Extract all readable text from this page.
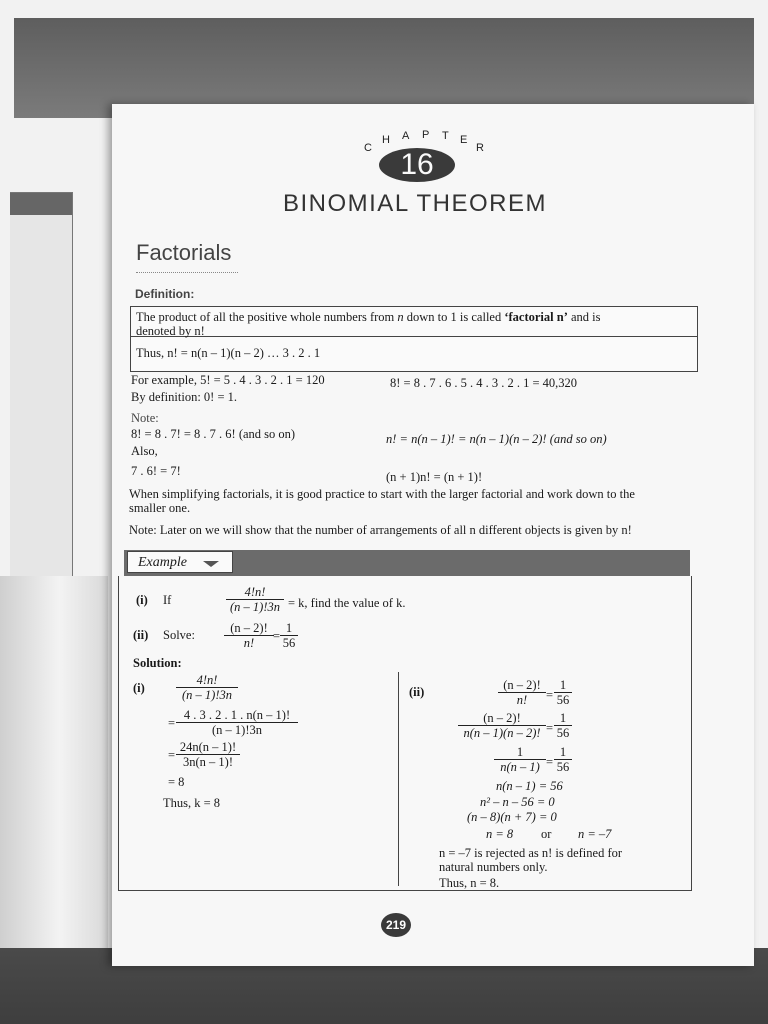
C
H A P T E
R
16
BINOMIAL THEOREM
Factorials
Definition:
The product of all the positive whole numbers from n down to 1 is called ‘factorial n’ and is
denoted by n!
Thus, n! = n(n – 1)(n – 2) … 3 . 2 . 1
For example, 5! = 5 . 4 . 3 . 2 . 1 = 120	8! = 8 . 7 . 6 . 5 . 4 . 3 . 2 . 1 = 40,320
By definition: 0! = 1.
Note:
8! = 8 . 7! = 8 . 7 . 6! (and so on)	n! = n(n – 1)! = n(n – 1)(n – 2)! (and so on)
Also,
7 . 6! = 7!	(n + 1)n! = (n + 1)!
When simplifying factorials, it is good practice to start with the larger factorial and work down to the
smaller one.
Note: Later on we will show that the number of arrangements of all n different objects is given by n!
Example
(i) If	$\frac{4!n!}{(n - 1)!3n} = k$, find the value of k.
(ii) Solve: $\frac{(n - 2)!}{n!} = \frac{1}{56}$
Solution:
$(i) \frac{4!n!}{(n - 1)!3n}$
= $\frac{4 . 3 . 2 . 1 . n(n - 1)!}{(n - 1)!3n}$
= $\frac{24n(n - 1)!}{3n(n - 1)!}$
= 8
Thus, k = 8
(ii)	$\frac{(n - 2)!}{n!} = \frac{1}{56}$
$\frac{(n - 2)!}{n(n - 1)(n - 2)!} = \frac{1}{56}$
$\frac{1}{n(n - 1)} = \frac{1}{56}$
n(n – 1) = 56
n² – n – 56 = 0
(n – 8)(n + 7) = 0
n = 8 or n = –7
n = –7 is rejected as n! is defined for
natural numbers only.
Thus, n = 8.
219
